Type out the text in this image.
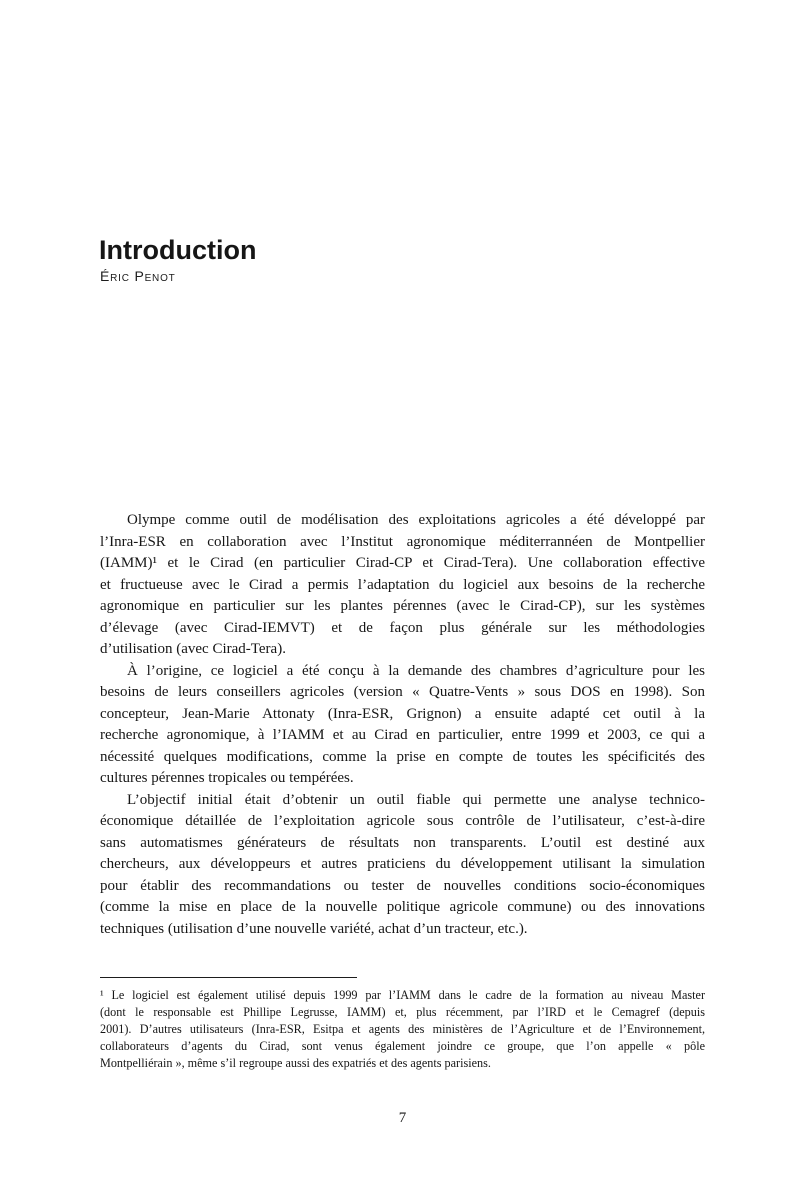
Introduction
Éric Penot
Olympe comme outil de modélisation des exploitations agricoles a été développé par
l’Inra-ESR en collaboration avec l’Institut agronomique méditerrannéen de Montpellier
(IAMM)¹ et le Cirad (en particulier Cirad-CP et Cirad-Tera). Une collaboration effective
et fructueuse avec le Cirad a permis l’adaptation du logiciel aux besoins de la recherche
agronomique en particulier sur les plantes pérennes (avec le Cirad-CP), sur les systèmes
d’élevage (avec Cirad-IEMVT) et de façon plus générale sur les méthodologies
d’utilisation (avec Cirad-Tera).
À l’origine, ce logiciel a été conçu à la demande des chambres d’agriculture pour les
besoins de leurs conseillers agricoles (version « Quatre-Vents » sous DOS en 1998). Son
concepteur, Jean-Marie Attonaty (Inra-ESR, Grignon) a ensuite adapté cet outil à la
recherche agronomique, à l’IAMM et au Cirad en particulier, entre 1999 et 2003, ce qui a
nécessité quelques modifications, comme la prise en compte de toutes les spécificités des
cultures pérennes tropicales ou tempérées.
L’objectif initial était d’obtenir un outil fiable qui permette une analyse technico-
économique détaillée de l’exploitation agricole sous contrôle de l’utilisateur, c’est-à-dire
sans automatismes générateurs de résultats non transparents. L’outil est destiné aux
chercheurs, aux développeurs et autres praticiens du développement utilisant la simulation
pour établir des recommandations ou tester de nouvelles conditions socio-économiques
(comme la mise en place de la nouvelle politique agricole commune) ou des innovations
techniques (utilisation d’une nouvelle variété, achat d’un tracteur, etc.).
¹ Le logiciel est également utilisé depuis 1999 par l’IAMM dans le cadre de la formation au niveau Master
(dont le responsable est Phillipe Legrusse, IAMM) et, plus récemment, par l’IRD et le Cemagref (depuis
2001). D’autres utilisateurs (Inra-ESR, Esitpa et agents des ministères de l’Agriculture et de l’Environnement,
collaborateurs d’agents du Cirad, sont venus également joindre ce groupe, que l’on appelle « pôle
Montpelliérain », même s’il regroupe aussi des expatriés et des agents parisiens.
7
